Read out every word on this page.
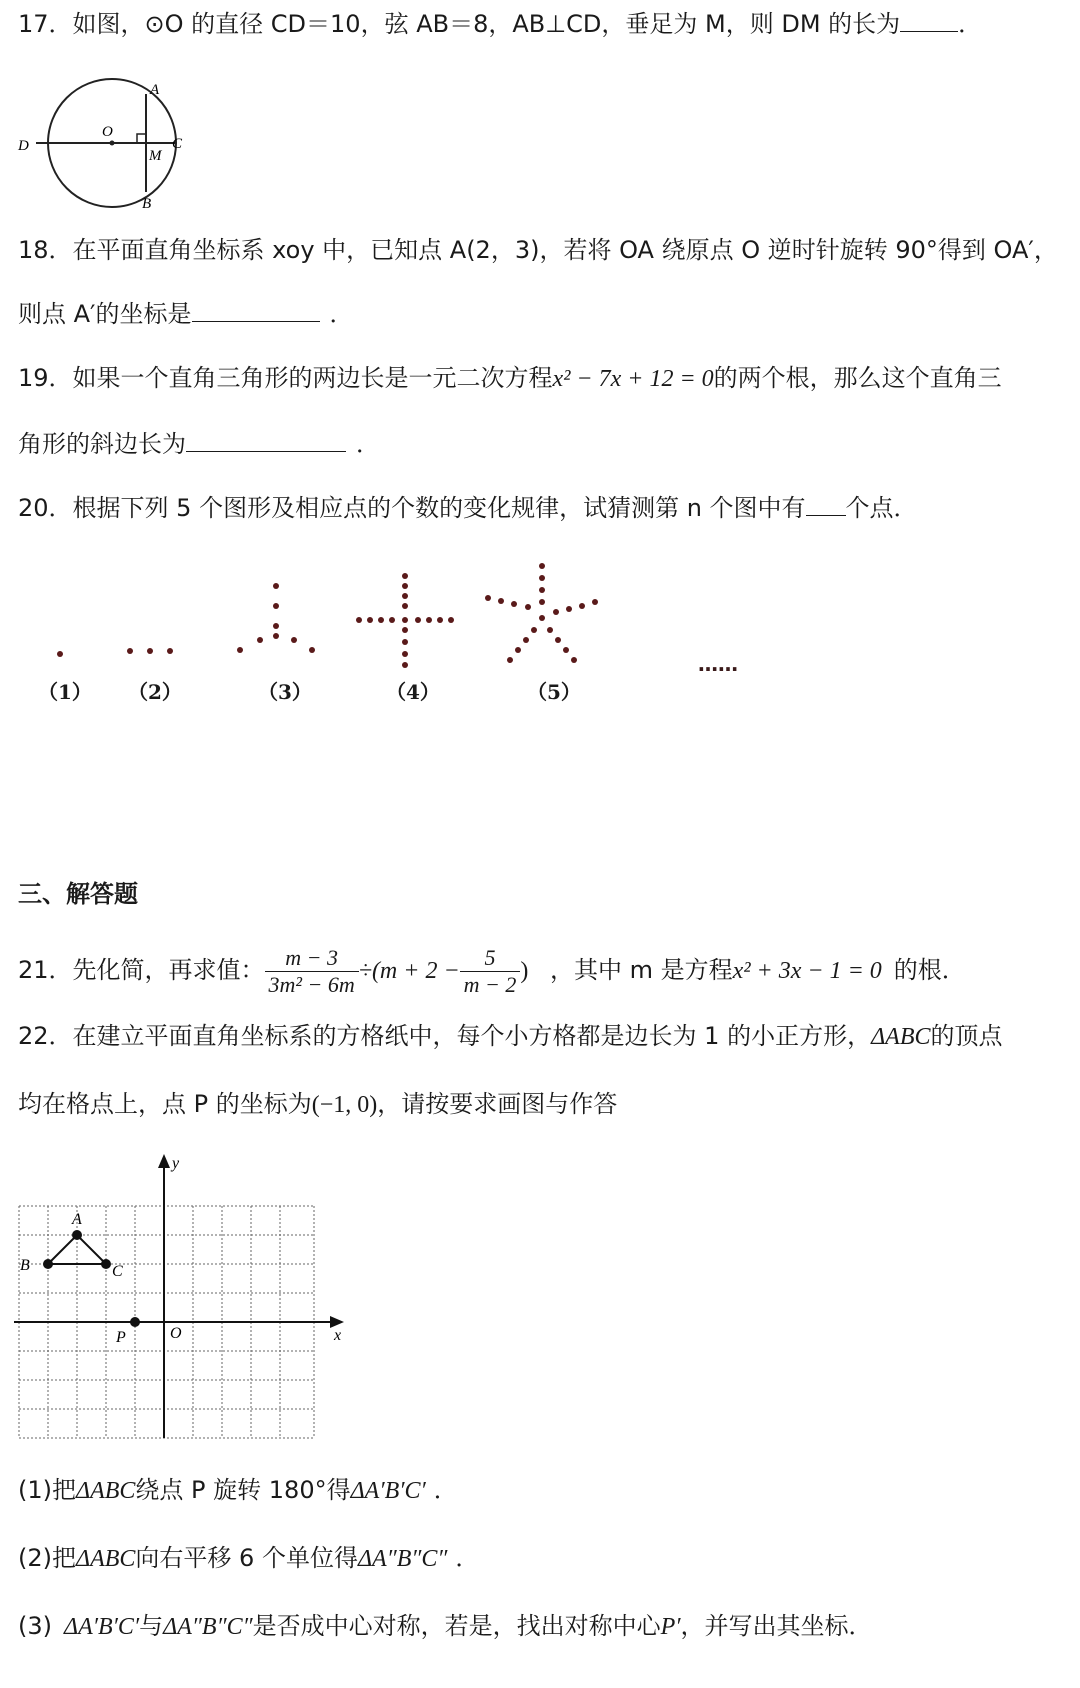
17．如图，⊙O 的直径 CD＝10，弦 AB＝8，AB⊥CD，垂足为 M，则 DM 的长为 ．
A
B
C
D
O
M
18．在平面直角坐标系 xoy 中，已知点 A(2，3)，若将 OA 绕原点 O 逆时针旋转 90°得到 OA′，
则点 A′的坐标是	．
19．如果一个直角三角形的两边长是一元二次方程x² − 7x + 12 = 0的两个根，那么这个直角三
角形的斜边长为	．
20．根据下列 5 个图形及相应点的个数的变化规律，试猜测第 n 个图中有 个点．
（1） （2）	（3）	（4）	（5）
……
三、解答题
21．先化简，再求值： $\frac{m - 3}{\text{3m² − 6m}} \div(m + 2 - \frac{5}{m - 2}$ ) ，其中 m 是方程x² + 3x − 1 = 0 的根．
22．在建立平面直角坐标系的方格纸中，每个小方格都是边长为 1 的小正方形，ΔABC的顶点
均在格点上，点 P 的坐标为(−1, 0)，请按要求画图与作答
y
x
A
B	C
P	O
(1)把ΔABC绕点 P 旋转 180°得ΔA′B′C′ ．
(2)把ΔABC向右平移 6 个单位得ΔA″B″C″ ．
(3) ΔA′B′C′与ΔA″B″C″是否成中心对称，若是，找出对称中心P′，并写出其坐标．
